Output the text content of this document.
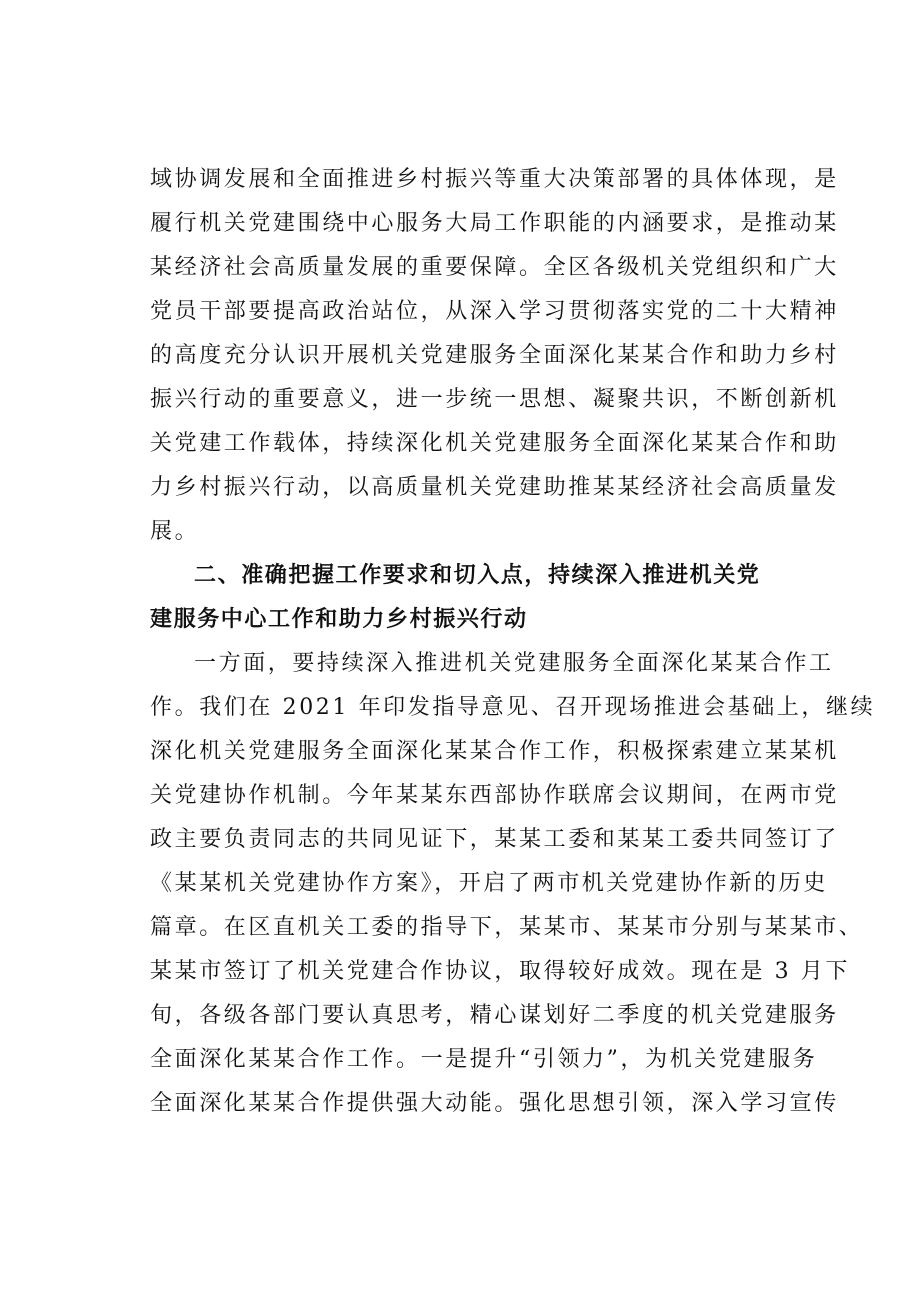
域协调发展和全面推进乡村振兴等重大决策部署的具体体现，是
履行机关党建围绕中心服务大局工作职能的内涵要求，是推动某
某经济社会高质量发展的重要保障。全区各级机关党组织和广大
党员干部要提高政治站位，从深入学习贯彻落实党的二十大精神
的高度充分认识开展机关党建服务全面深化某某合作和助力乡村
振兴行动的重要意义，进一步统一思想、凝聚共识，不断创新机
关党建工作载体，持续深化机关党建服务全面深化某某合作和助
力乡村振兴行动，以高质量机关党建助推某某经济社会高质量发
展。
二、准确把握工作要求和切入点，持续深入推进机关党
建服务中心工作和助力乡村振兴行动
一方面，要持续深入推进机关党建服务全面深化某某合作工
作。我们在 2021 年印发指导意见、召开现场推进会基础上，继续
深化机关党建服务全面深化某某合作工作，积极探索建立某某机
关党建协作机制。今年某某东西部协作联席会议期间，在两市党
政主要负责同志的共同见证下，某某工委和某某工委共同签订了
《某某机关党建协作方案》，开启了两市机关党建协作新的历史
篇章。在区直机关工委的指导下，某某市、某某市分别与某某市、
某某市签订了机关党建合作协议，取得较好成效。现在是 3 月下
旬，各级各部门要认真思考，精心谋划好二季度的机关党建服务
全面深化某某合作工作。一是提升“引领力”，为机关党建服务
全面深化某某合作提供强大动能。强化思想引领，深入学习宣传
